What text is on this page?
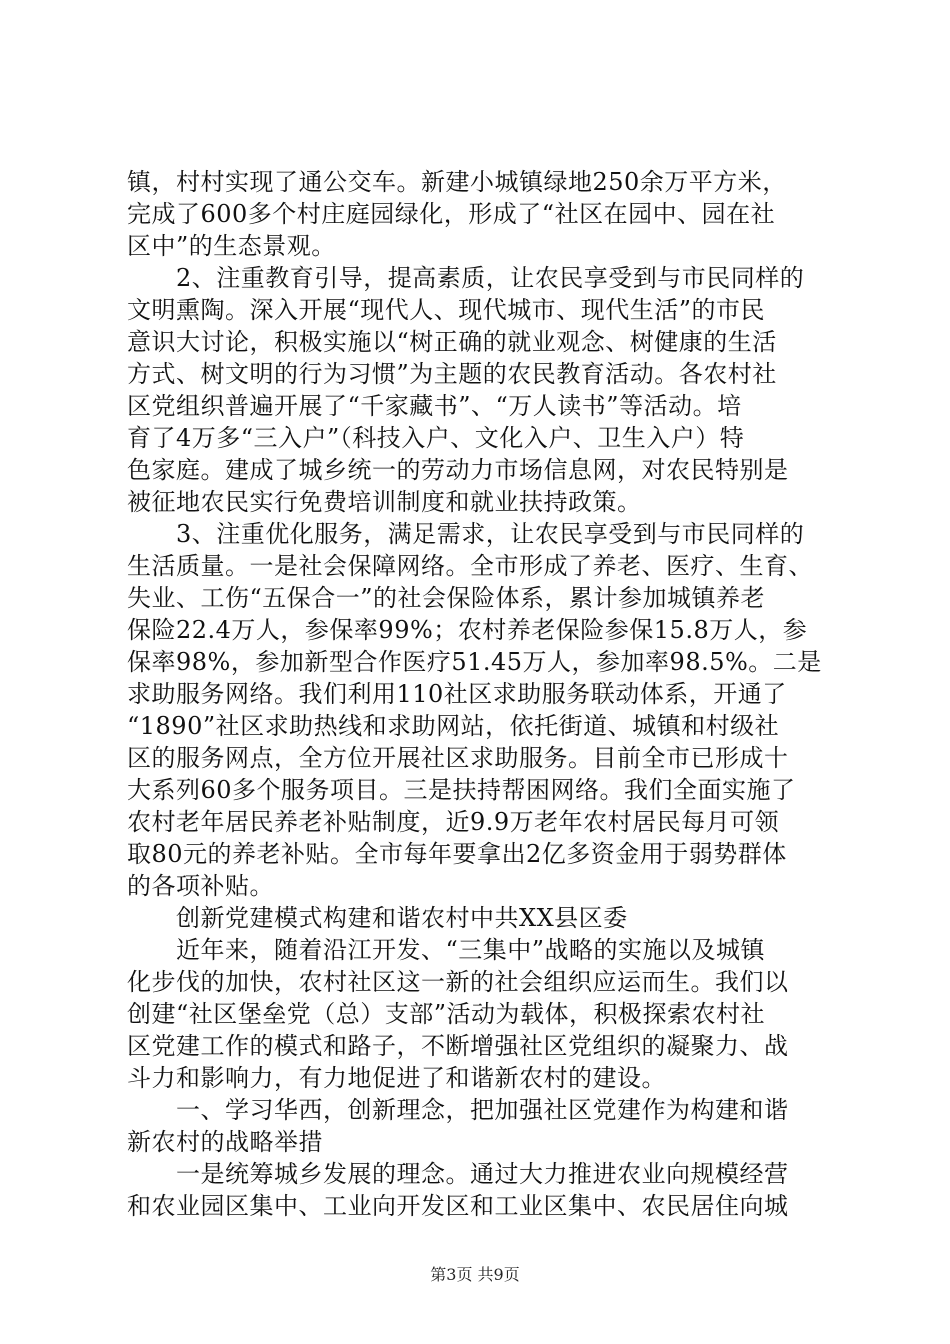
镇，村村实现了通公交车。新建小城镇绿地250余万平方米，
完成了600多个村庄庭园绿化，形成了“社区在园中、园在社
区中”的生态景观。
　　2、注重教育引导，提高素质，让农民享受到与市民同样的
文明熏陶。深入开展“现代人、现代城市、现代生活”的市民
意识大讨论，积极实施以“树正确的就业观念、树健康的生活
方式、树文明的行为习惯”为主题的农民教育活动。各农村社
区党组织普遍开展了“千家藏书”、“万人读书”等活动。培
育了4万多“三入户”（科技入户、文化入户、卫生入户）特
色家庭。建成了城乡统一的劳动力市场信息网，对农民特别是
被征地农民实行免费培训制度和就业扶持政策。
　　3、注重优化服务，满足需求，让农民享受到与市民同样的
生活质量。一是社会保障网络。全市形成了养老、医疗、生育、
失业、工伤“五保合一”的社会保险体系，累计参加城镇养老
保险22.4万人，参保率99%；农村养老保险参保15.8万人，参
保率98%，参加新型合作医疗51.45万人，参加率98.5%。二是
求助服务网络。我们利用110社区求助服务联动体系，开通了
“1890”社区求助热线和求助网站，依托街道、城镇和村级社
区的服务网点，全方位开展社区求助服务。目前全市已形成十
大系列60多个服务项目。三是扶持帮困网络。我们全面实施了
农村老年居民养老补贴制度，近9.9万老年农村居民每月可领
取80元的养老补贴。全市每年要拿出2亿多资金用于弱势群体
的各项补贴。
　　创新党建模式构建和谐农村中共XX县区委
　　近年来，随着沿江开发、“三集中”战略的实施以及城镇
化步伐的加快，农村社区这一新的社会组织应运而生。我们以
创建“社区堡垒党（总）支部”活动为载体，积极探索农村社
区党建工作的模式和路子，不断增强社区党组织的凝聚力、战
斗力和影响力，有力地促进了和谐新农村的建设。
　　一、学习华西，创新理念，把加强社区党建作为构建和谐
新农村的战略举措
　　一是统筹城乡发展的理念。通过大力推进农业向规模经营
和农业园区集中、工业向开发区和工业区集中、农民居住向城
第3页 共9页
